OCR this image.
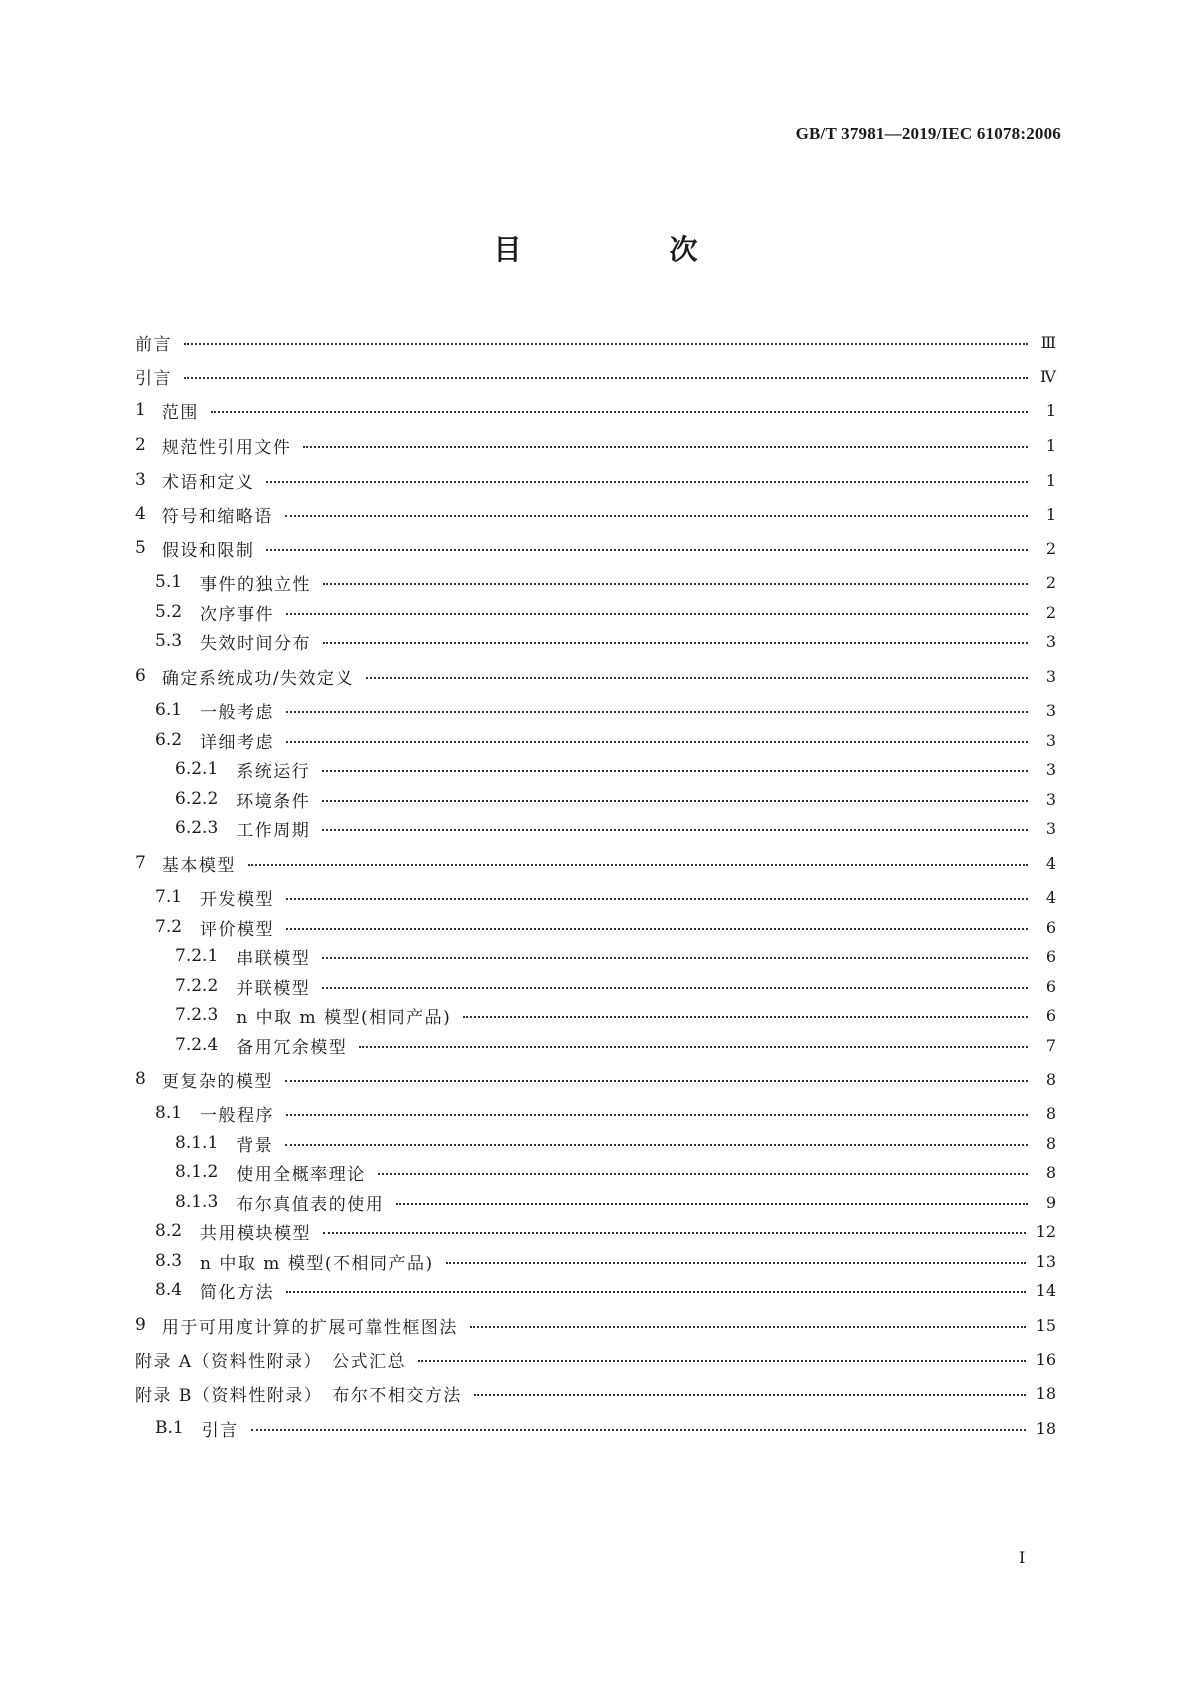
GB/T 37981—2019/IEC 61078:2006
目　次
前言	Ⅲ
引言	Ⅳ
1 范围	1
2 规范性引用文件	1
3 术语和定义	1
4 符号和缩略语	1
5 假设和限制	2
5.1 事件的独立性	2
5.2 次序事件	2
5.3 失效时间分布	3
6 确定系统成功/失效定义	3
6.1 一般考虑	3
6.2 详细考虑	3
6.2.1 系统运行	3
6.2.2 环境条件	3
6.2.3 工作周期	3
7 基本模型	4
7.1 开发模型	4
7.2 评价模型	6
7.2.1 串联模型	6
7.2.2 并联模型	6
7.2.3 n 中取 m 模型(相同产品)	6
7.2.4 备用冗余模型	7
8 更复杂的模型	8
8.1 一般程序	8
8.1.1 背景	8
8.1.2 使用全概率理论	8
8.1.3 布尔真值表的使用	9
8.2 共用模块模型	12
8.3 n 中取 m 模型(不相同产品)	13
8.4 简化方法	14
9 用于可用度计算的扩展可靠性框图法	15
附录 A（资料性附录）　公式汇总	16
附录 B（资料性附录）　布尔不相交方法	18
B.1 引言	18
I
